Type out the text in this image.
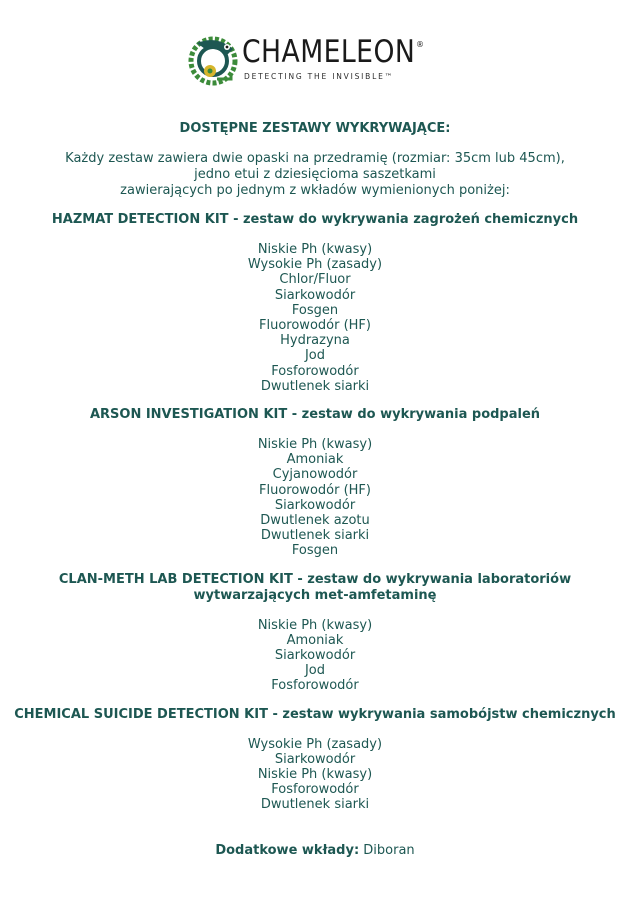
CHAMELEON ®
DETECTING THE INVISIBLE™
DOSTĘPNE ZESTAWY WYKRYWAJĄCE:
Każdy zestaw zawiera dwie opaski na przedramię (rozmiar: 35cm lub 45cm),
jedno etui z dziesięcioma saszetkami
zawierających po jednym z wkładów wymienionych poniżej:
HAZMAT DETECTION KIT - zestaw do wykrywania zagrożeń chemicznych
Niskie Ph (kwasy)
Wysokie Ph (zasady)
Chlor/Fluor
Siarkowodór
Fosgen
Fluorowodór (HF)
Hydrazyna
Jod
Fosforowodór
Dwutlenek siarki
ARSON INVESTIGATION KIT - zestaw do wykrywania podpaleń
Niskie Ph (kwasy)
Amoniak
Cyjanowodór
Fluorowodór (HF)
Siarkowodór
Dwutlenek azotu
Dwutlenek siarki
Fosgen
CLAN-METH LAB DETECTION KIT - zestaw do wykrywania laboratoriów
wytwarzających met-amfetaminę
Niskie Ph (kwasy)
Amoniak
Siarkowodór
Jod
Fosforowodór
CHEMICAL SUICIDE DETECTION KIT - zestaw wykrywania samobójstw chemicznych
Wysokie Ph (zasady)
Siarkowodór
Niskie Ph (kwasy)
Fosforowodór
Dwutlenek siarki
Dodatkowe wkłady: Diboran
